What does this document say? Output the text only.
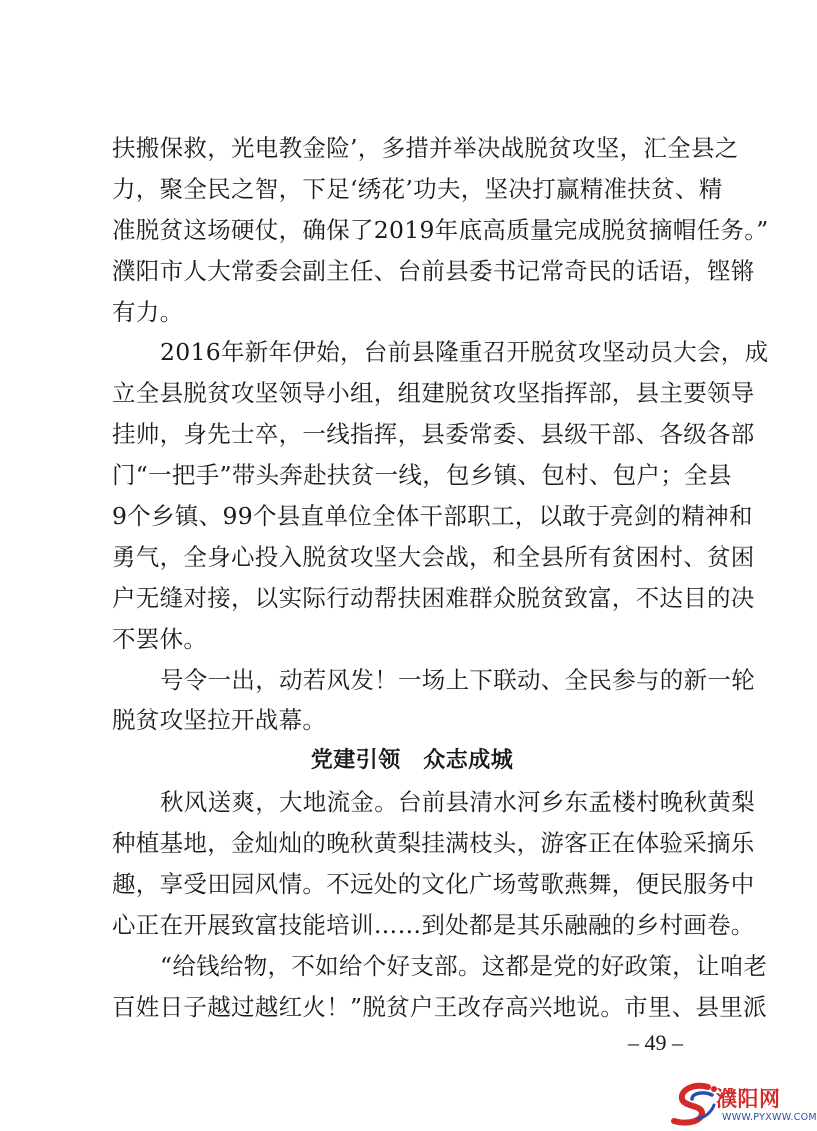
扶搬保救，光电教金险’，多措并举决战脱贫攻坚，汇全县之
力，聚全民之智，下足‘绣花’功夫，坚决打赢精准扶贫、精
准脱贫这场硬仗，确保了2019年底高质量完成脱贫摘帽任务。”
濮阳市人大常委会副主任、台前县委书记常奇民的话语，铿锵
有力。
2016年新年伊始，台前县隆重召开脱贫攻坚动员大会，成
立全县脱贫攻坚领导小组，组建脱贫攻坚指挥部，县主要领导
挂帅，身先士卒，一线指挥，县委常委、县级干部、各级各部
门“一把手”带头奔赴扶贫一线，包乡镇、包村、包户；全县
9个乡镇、99个县直单位全体干部职工，以敢于亮剑的精神和
勇气，全身心投入脱贫攻坚大会战，和全县所有贫困村、贫困
户无缝对接，以实际行动帮扶困难群众脱贫致富，不达目的决
不罢休。
号令一出，动若风发！一场上下联动、全民参与的新一轮
脱贫攻坚拉开战幕。
党建引领　众志成城
秋风送爽，大地流金。台前县清水河乡东孟楼村晚秋黄梨
种植基地，金灿灿的晚秋黄梨挂满枝头，游客正在体验采摘乐
趣，享受田园风情。不远处的文化广场莺歌燕舞，便民服务中
心正在开展致富技能培训……到处都是其乐融融的乡村画卷。
“给钱给物，不如给个好支部。这都是党的好政策，让咱老
百姓日子越过越红火！”脱贫户王改存高兴地说。市里、县里派
– 49 –
濮阳网
WWW.PYXWW.COM
